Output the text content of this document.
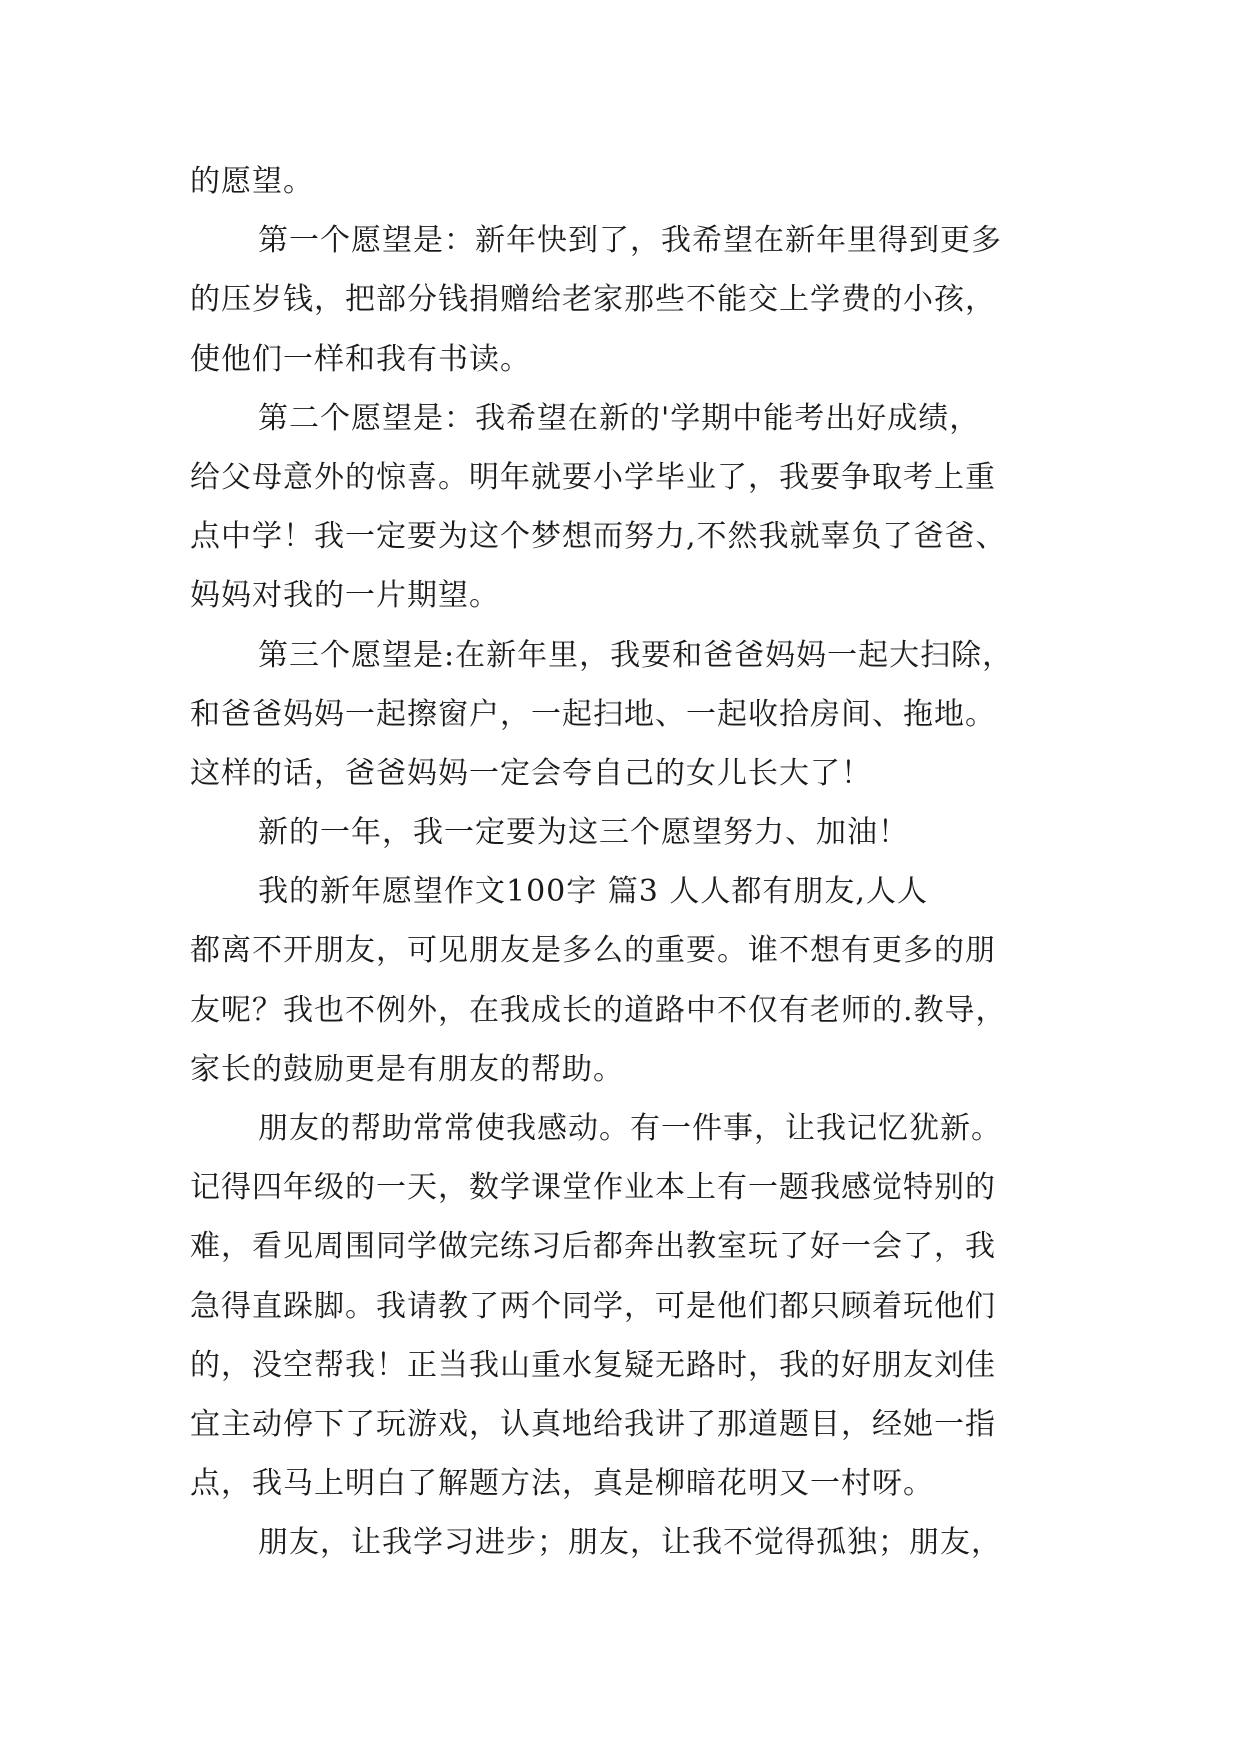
的愿望。
第一个愿望是：新年快到了，我希望在新年里得到更多
的压岁钱，把部分钱捐赠给老家那些不能交上学费的小孩，
使他们一样和我有书读。
第二个愿望是：我希望在新的'学期中能考出好成绩，
给父母意外的惊喜。明年就要小学毕业了，我要争取考上重
点中学！我一定要为这个梦想而努力,不然我就辜负了爸爸、
妈妈对我的一片期望。
第三个愿望是:在新年里，我要和爸爸妈妈一起大扫除，
和爸爸妈妈一起擦窗户，一起扫地、一起收拾房间、拖地。
这样的话，爸爸妈妈一定会夸自己的女儿长大了！
新的一年，我一定要为这三个愿望努力、加油！
我的新年愿望作文100字 篇3 人人都有朋友,人人
都离不开朋友，可见朋友是多么的重要。谁不想有更多的朋
友呢？我也不例外，在我成长的道路中不仅有老师的.教导，
家长的鼓励更是有朋友的帮助。
朋友的帮助常常使我感动。有一件事，让我记忆犹新。
记得四年级的一天，数学课堂作业本上有一题我感觉特别的
难，看见周围同学做完练习后都奔出教室玩了好一会了，我
急得直跺脚。我请教了两个同学，可是他们都只顾着玩他们
的，没空帮我！正当我山重水复疑无路时，我的好朋友刘佳
宜主动停下了玩游戏，认真地给我讲了那道题目，经她一指
点，我马上明白了解题方法，真是柳暗花明又一村呀。
朋友，让我学习进步；朋友，让我不觉得孤独；朋友，
